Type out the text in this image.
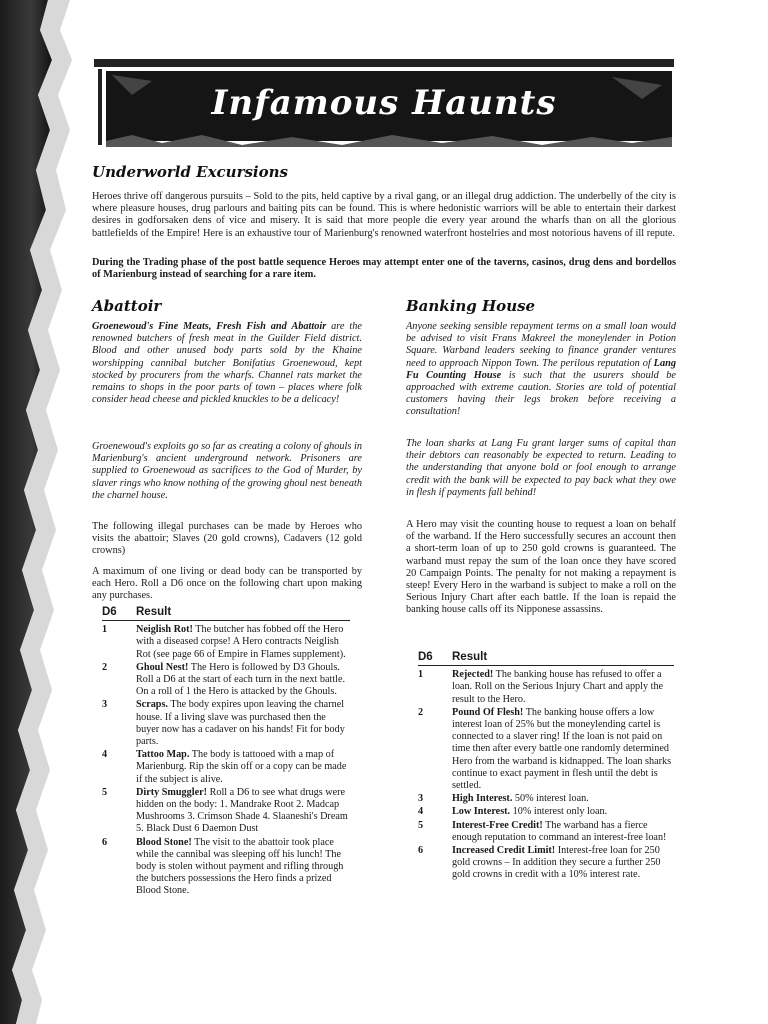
Infamous Haunts
Underworld Excursions

Heroes thrive off dangerous pursuits – Sold to the pits, held captive by a rival gang, or an illegal drug addiction. The underbelly of the city is where pleasure houses, drug parlours and baiting pits can be found. This is where hedonistic warriors will be able to entertain their darkest desires in godforsaken dens of vice and misery. It is said that more people die every year around the wharfs than on all the glorious battlefields of the Empire! Here is an exhaustive tour of Marienburg's renowned waterfront hostelries and most notorious havens of ill repute.

During the Trading phase of the post battle sequence Heroes may attempt enter one of the taverns, casinos, drug dens and bordellos of Marienburg instead of searching for a rare item.

Abattoir

Groenewoud's Fine Meats, Fresh Fish and Abattoir are the renowned butchers of fresh meat in the Guilder Field district. Blood and other unused body parts sold by the Khaine worshipping cannibal butcher Bonifatius Groenewoud, kept stocked by procurers from the wharfs. Channel rats market the remains to shops in the poor parts of town – places where folk consider head cheese and pickled knuckles to be a delicacy!

Groenewoud's exploits go so far as creating a colony of ghouls in Marienburg's ancient underground network. Prisoners are supplied to Groenewoud as sacrifices to the God of Murder, by slaver rings who know nothing of the growing ghoul nest beneath the charnel house.

The following illegal purchases can be made by Heroes who visits the abattoir; Slaves (20 gold crowns), Cadavers (12 gold crowns)

A maximum of one living or dead body can be transported by each Hero. Roll a D6 once on the following chart upon making any purchases.

D6	Result
1	Neiglish Rot! The butcher has fobbed off the Hero with a diseased corpse! A Hero contracts Neiglish Rot (see page 66 of Empire in Flames supplement).
2	Ghoul Nest! The Hero is followed by D3 Ghouls. Roll a D6 at the start of each turn in the next battle. On a roll of 1 the Hero is attacked by the Ghouls.
3	Scraps. The body expires upon leaving the charnel house. If a living slave was purchased then the buyer now has a cadaver on his hands! Fit for body parts.
4	Tattoo Map. The body is tattooed with a map of Marienburg. Rip the skin off or a copy can be made if the subject is alive.
5	Dirty Smuggler! Roll a D6 to see what drugs were hidden on the body: 1. Mandrake Root 2. Madcap Mushrooms 3. Crimson Shade 4. Slaaneshi's Dream 5. Black Dust 6 Daemon Dust
6	Blood Stone! The visit to the abattoir took place while the cannibal was sleeping off his lunch! The body is stolen without payment and rifling through the butchers possessions the Hero finds a prized Blood Stone.
Banking House

Anyone seeking sensible repayment terms on a small loan would be advised to visit Frans Makreel the moneylender in Potion Square. Warband leaders seeking to finance grander ventures need to approach Nippon Town. The perilous reputation of Lang Fu Counting House is such that the usurers should be approached with extreme caution. Stories are told of potential customers having their legs broken before receiving a consultation!

The loan sharks at Lang Fu grant larger sums of capital than their debtors can reasonably be expected to return. Leading to the understanding that anyone bold or fool enough to arrange credit with the bank will be expected to pay back what they owe in flesh if payments fall behind!

A Hero may visit the counting house to request a loan on behalf of the warband. If the Hero successfully secures an account then a short-term loan of up to 250 gold crowns is guaranteed. The warband must repay the sum of the loan once they have scored 20 Campaign Points. The penalty for not making a repayment is steep! Every Hero in the warband is subject to make a roll on the Serious Injury Chart after each battle. If the loan is repaid the banking house calls off its Nipponese assassins.

D6	Result
1	Rejected! The banking house has refused to offer a loan. Roll on the Serious Injury Chart and apply the result to the Hero.
2	Pound Of Flesh! The banking house offers a low interest loan of 25% but the moneylending cartel is connected to a slaver ring! If the loan is not paid on time then after every battle one randomly determined Hero from the warband is kidnapped. The loan sharks continue to exact payment in flesh until the debt is settled.
3	High Interest. 50% interest loan.
4	Low Interest. 10% interest only loan.
5	Interest-Free Credit! The warband has a fierce enough reputation to command an interest-free loan!
6	Increased Credit Limit! Interest-free loan for 250 gold crowns – In addition they secure a further 250 gold crowns in credit with a 10% interest rate.
